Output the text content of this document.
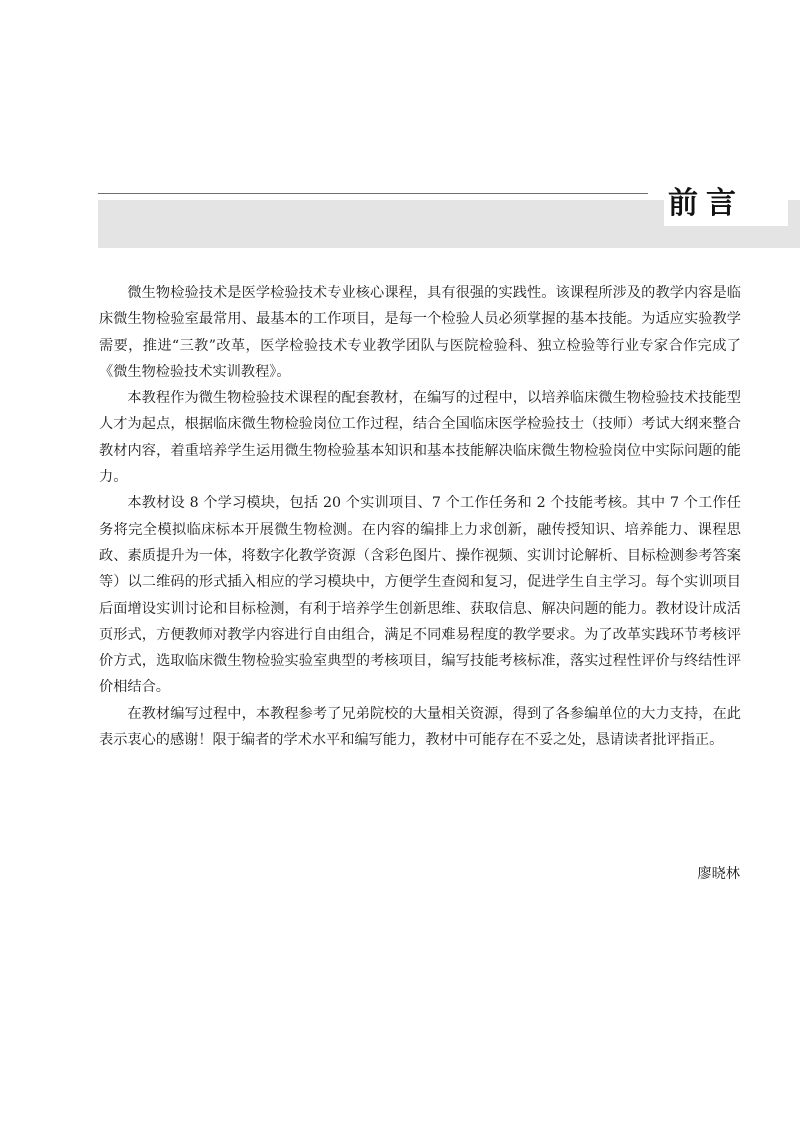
前言

微生物检验技术是医学检验技术专业核心课程，具有很强的实践性。该课程所涉及的教学内容是临床微生物检验室最常用、最基本的工作项目，是每一个检验人员必须掌握的基本技能。为适应实验教学需要，推进“三教”改革，医学检验技术专业教学团队与医院检验科、独立检验等行业专家合作完成了《微生物检验技术实训教程》。

本教程作为微生物检验技术课程的配套教材，在编写的过程中，以培养临床微生物检验技术技能型人才为起点，根据临床微生物检验岗位工作过程，结合全国临床医学检验技士（技师）考试大纲来整合教材内容，着重培养学生运用微生物检验基本知识和基本技能解决临床微生物检验岗位中实际问题的能力。

本教材设 8 个学习模块，包括 20 个实训项目、7 个工作任务和 2 个技能考核。其中 7 个工作任务将完全模拟临床标本开展微生物检测。在内容的编排上力求创新，融传授知识、培养能力、课程思政、素质提升为一体，将数字化教学资源（含彩色图片、操作视频、实训讨论解析、目标检测参考答案等）以二维码的形式插入相应的学习模块中，方便学生查阅和复习，促进学生自主学习。每个实训项目后面增设实训讨论和目标检测，有利于培养学生创新思维、获取信息、解决问题的能力。教材设计成活页形式，方便教师对教学内容进行自由组合，满足不同难易程度的教学要求。为了改革实践环节考核评价方式，选取临床微生物检验实验室典型的考核项目，编写技能考核标准，落实过程性评价与终结性评价相结合。

在教材编写过程中，本教程参考了兄弟院校的大量相关资源，得到了各参编单位的大力支持，在此表示衷心的感谢！限于编者的学术水平和编写能力，教材中可能存在不妥之处，恳请读者批评指正。

廖晓林
